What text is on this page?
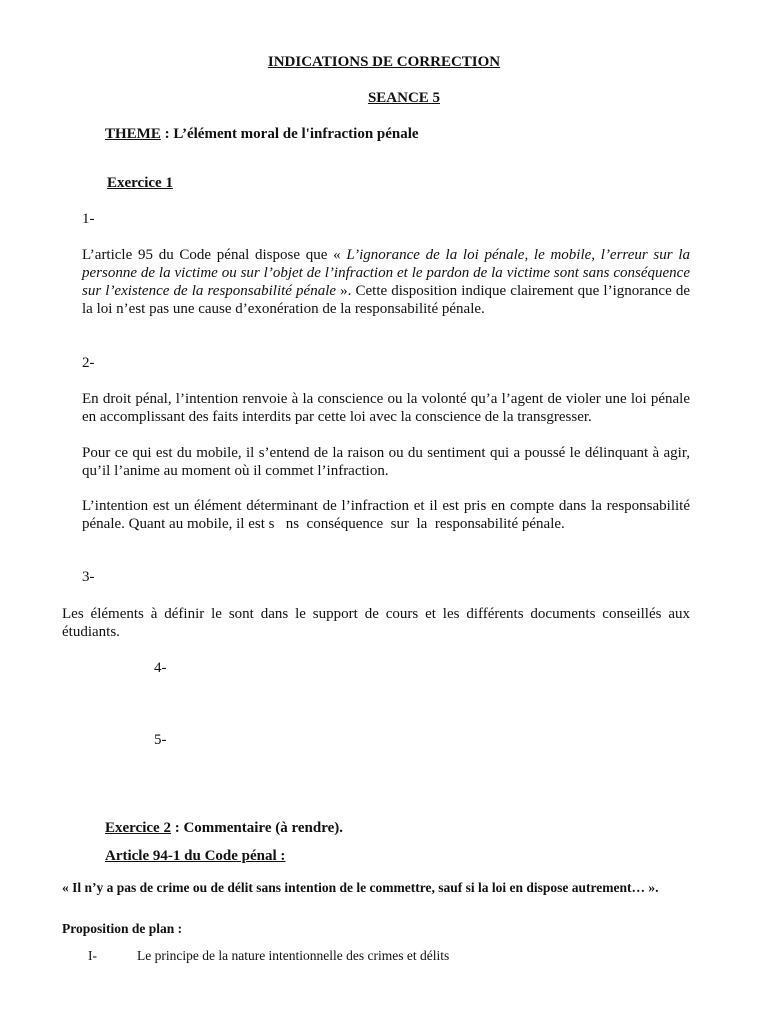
INDICATIONS DE CORRECTION
SEANCE 5
THEME : L’élément moral de l'infraction pénale
Exercice 1
1-
L’article 95 du Code pénal dispose que « L’ignorance de la loi pénale, le mobile, l’erreur sur la personne de la victime ou sur l’objet de l’infraction et le pardon de la victime sont sans conséquence sur l’existence de la responsabilité pénale ». Cette disposition indique clairement que l’ignorance de la loi n’est pas une cause d’exonération de la responsabilité pénale.
2-
En droit pénal, l’intention renvoie à la conscience ou la volonté qu’a l’agent de violer une loi pénale en accomplissant des faits interdits par cette loi avec la conscience de la transgresser.
Pour ce qui est du mobile, il s’entend de la raison ou du sentiment qui a poussé le délinquant à agir, qu’il l’anime au moment où il commet l’infraction.
L’intention est un élément déterminant de l’infraction et il est pris en compte dans la responsabilité pénale. Quant au mobile, il est s   ns  conséquence  sur  la  responsabilité pénale.
3-
Les éléments à définir le sont dans le support de cours et les différents documents conseillés aux étudiants.
4-
5-
Exercice 2 : Commentaire (à rendre).
Article 94-1 du Code pénal :
« Il n’y a pas de crime ou de délit sans intention de le commettre, sauf si la loi en dispose autrement… ».
Proposition de plan :
I-	Le principe de la nature intentionnelle des crimes et délits
